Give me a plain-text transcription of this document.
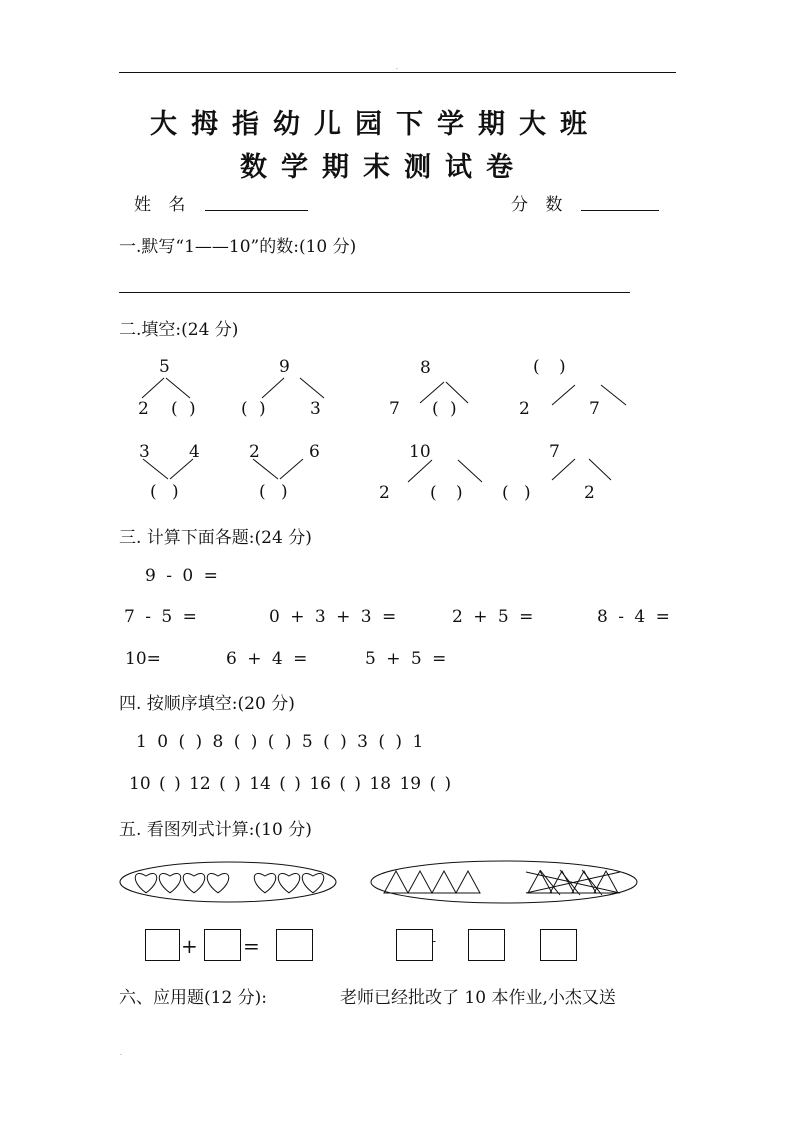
.
大拇指幼儿园下学期大班
数学期末测试卷
姓 名	分 数
一.默写“1——10”的数:(10 分)
二.填空:(24 分)
5
2 ( )
9
( )	3
8
7 ( )
( )
2	7
3 4
( )
2	6
( )
10
2 ( )
7
( )	2
三. 计算下面各题:(24 分)
9 - 0 =
7 - 5 =	0 + 3 + 3 =	2 + 5 =	8 - 4 =
10=	6 + 4 =	5 + 5 =
四. 按顺序填空:(20 分)
1 0 ( ) 8 ( ) ( ) 5 ( ) 3 ( ) 1
10 ( ) 12 ( ) 14 ( ) 16 ( ) 18 19 ( )
五. 看图列式计算:(10 分)
+ =	-
六、应用题(12 分):	老师已经批改了 10 本作业,小杰又送
.
